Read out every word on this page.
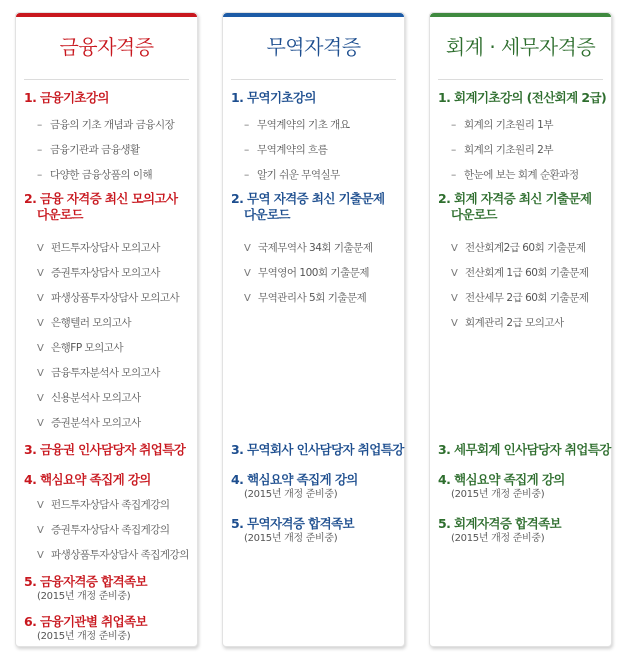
금융자격증
1. 금융기초강의
– 금융의 기초 개념과 금융시장
– 금융기관과 금융생활
– 다양한 금융상품의 이해
2. 금융 자격증 최신 모의고사
다운로드
V 펀드투자상담사 모의고사
V 증권투자상담사 모의고사
V 파생상품투자상담사 모의고사
V 은행텔러 모의고사
V 은행FP 모의고사
V 금융투자분석사 모의고사
V 신용분석사 모의고사
V 증권분석사 모의고사
3. 금융권 인사담당자 취업특강
4. 핵심요약 족집게 강의
V 펀드투자상담사 족집게강의
V 증권투자상담사 족집게강의
V 파생상품투자상담사 족집게강의
5. 금융자격증 합격족보
(2015년 개정 준비중)
6. 금융기관별 취업족보
(2015년 개정 준비중)
무역자격증
1. 무역기초강의
– 무역계약의 기초 개요
– 무역계약의 흐름
– 알기 쉬운 무역실무
2. 무역 자격증 최신 기출문제
다운로드
V 국제무역사 34회 기출문제
V 무역영어 100회 기출문제
V 무역관리사 5회 기출문제
3. 무역회사 인사담당자 취업특강
4. 핵심요약 족집게 강의
(2015년 개정 준비중)
5. 무역자격증 합격족보
(2015년 개정 준비중)
회계 · 세무자격증
1. 회계기초강의 (전산회계 2급)
– 회계의 기초원리 1부
– 회계의 기초원리 2부
– 한눈에 보는 회계 순환과정
2. 회계 자격증 최신 기출문제
다운로드
V 전산회계2급 60회 기출문제
V 전산회계 1급 60회 기출문제
V 전산세무 2급 60회 기출문제
V 회계관리 2급 모의고사
3. 세무회계 인사담당자 취업특강
4. 핵심요약 족집게 강의
(2015년 개정 준비중)
5. 회계자격증 합격족보
(2015년 개정 준비중)
